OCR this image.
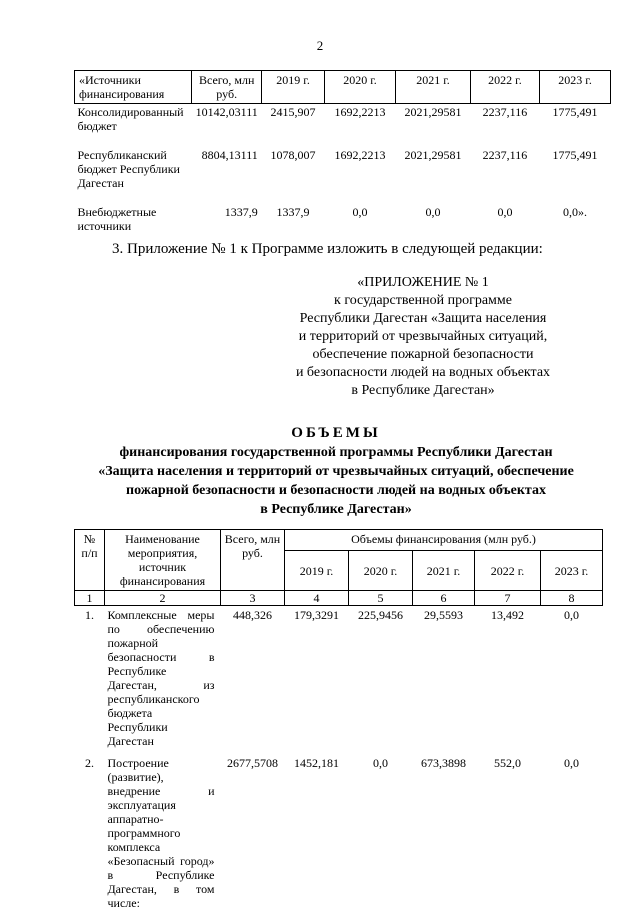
2
«Источники финансирования	Всего, млн руб.	2019 г.	2020 г.	2021 г.	2022 г.	2023 г.
Консолидированный бюджет	10142,03111	2415,907	1692,2213	2021,29581	2237,116	1775,491
Республиканский бюджет Республики Дагестан	8804,13111	1078,007	1692,2213	2021,29581	2237,116	1775,491
Внебюджетные источники	1337,9	1337,9	0,0	0,0	0,0	0,0».
3. Приложение № 1 к Программе изложить в следующей редакции:
«ПРИЛОЖЕНИЕ № 1
к государственной программе
Республики Дагестан «Защита населения
и территорий от чрезвычайных ситуаций,
обеспечение пожарной безопасности
и безопасности людей на водных объектах
в Республике Дагестан»
ОБЪЕМЫ
финансирования государственной программы Республики Дагестан
«Защита населения и территорий от чрезвычайных ситуаций, обеспечение
пожарной безопасности и безопасности людей на водных объектах
в Республике Дагестан»
№ п/п	Наименование мероприятия, источник финансирования	Всего, млн руб.	Объемы финансирования (млн руб.)				
			2019 г.	2020 г.	2021 г.	2022 г.	2023 г.
1	2	3	4	5	6	7	8
1.	Комплексные меры по обеспечению пожарной безопасности в Республике Дагестан, из республиканского бюджета Республики Дагестан	448,326	179,3291	225,9456	29,5593	13,492	0,0
2.	Построение (развитие), внедрение и эксплуатация аппаратно-программного комплекса «Безопасный город» в Республике Дагестан, в том числе:	2677,5708	1452,181	0,0	673,3898	552,0	0,0
